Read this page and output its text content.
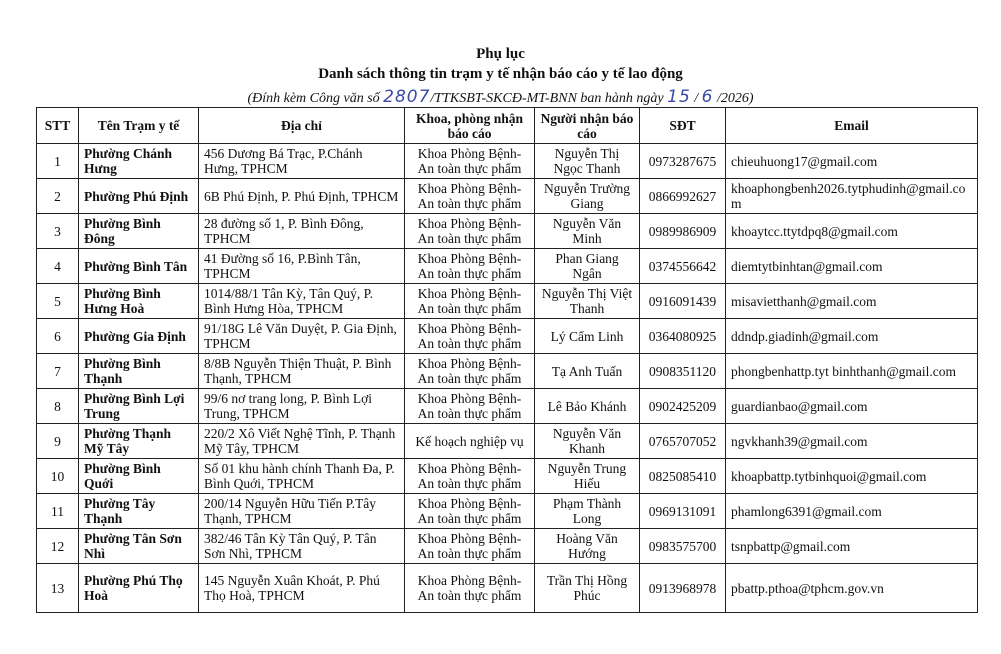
Phụ lục
Danh sách thông tin trạm y tế nhận báo cáo y tế lao động
(Đính kèm Công văn số 2807/TTKSBT-SKCĐ-MT-BNN ban hành ngày 15 / 6 /2026)
STT	Tên Trạm y tế	Địa chỉ	Khoa, phòng nhận báo cáo	Người nhận báo cáo	SĐT	Email
1	Phường Chánh Hưng	456 Dương Bá Trạc, P.Chánh Hưng, TPHCM	Khoa Phòng Bệnh-An toàn thực phẩm	Nguyễn Thị Ngọc Thanh	0973287675	chieuhuong17@gmail.com
2	Phường Phú Định	6B Phú Định, P. Phú Định, TPHCM	Khoa Phòng Bệnh-An toàn thực phẩm	Nguyễn Trường Giang	0866992627	khoaphongbenh2026.tytphudinh@gmail.com
3	Phường Bình Đông	28 đường số 1, P. Bình Đông, TPHCM	Khoa Phòng Bệnh-An toàn thực phẩm	Nguyễn Văn Minh	0989986909	khoaytcc.ttytdpq8@gmail.com
4	Phường Bình Tân	41 Đường số 16, P.Bình Tân, TPHCM	Khoa Phòng Bệnh-An toàn thực phẩm	Phan Giang Ngân	0374556642	diemtytbinhtan@gmail.com
5	Phường Bình Hưng Hoà	1014/88/1 Tân Kỳ, Tân Quý, P. Bình Hưng Hòa, TPHCM	Khoa Phòng Bệnh-An toàn thực phẩm	Nguyễn Thị Việt Thanh	0916091439	misavietthanh@gmail.com
6	Phường Gia Định	91/18G Lê Văn Duyệt, P. Gia Định, TPHCM	Khoa Phòng Bệnh-An toàn thực phẩm	Lý Cẩm Linh	0364080925	ddndp.giadinh@gmail.com
7	Phường Bình Thạnh	8/8B Nguyễn Thiện Thuật, P. Bình Thạnh, TPHCM	Khoa Phòng Bệnh-An toàn thực phẩm	Tạ Anh Tuấn	0908351120	phongbenhattp.tyt binhthanh@gmail.com
8	Phường Bình Lợi Trung	99/6 nơ trang long, P. Bình Lợi Trung, TPHCM	Khoa Phòng Bệnh-An toàn thực phẩm	Lê Bảo Khánh	0902425209	guardianbao@gmail.com
9	Phường Thạnh Mỹ Tây	220/2 Xô Viết Nghệ Tĩnh, P. Thạnh Mỹ Tây, TPHCM	Kế hoạch nghiệp vụ	Nguyễn Văn Khanh	0765707052	ngvkhanh39@gmail.com
10	Phường Bình Quới	Số 01 khu hành chính Thanh Đa, P. Bình Quới, TPHCM	Khoa Phòng Bệnh-An toàn thực phẩm	Nguyễn Trung Hiếu	0825085410	khoapbattp.tytbinhquoi@gmail.com
11	Phường Tây Thạnh	200/14 Nguyễn Hữu Tiến P.Tây Thạnh, TPHCM	Khoa Phòng Bệnh-An toàn thực phẩm	Phạm Thành Long	0969131091	phamlong6391@gmail.com
12	Phường Tân Sơn Nhì	382/46 Tân Kỳ Tân Quý, P. Tân Sơn Nhì, TPHCM	Khoa Phòng Bệnh-An toàn thực phẩm	Hoàng Văn Hướng	0983575700	tsnpbattp@gmail.com
13	Phường Phú Thọ Hoà	145 Nguyễn Xuân Khoát, P. Phú Thọ Hoà, TPHCM	Khoa Phòng Bệnh-An toàn thực phẩm	Trần Thị Hồng Phúc	0913968978	pbattp.pthoa@tphcm.gov.vn
